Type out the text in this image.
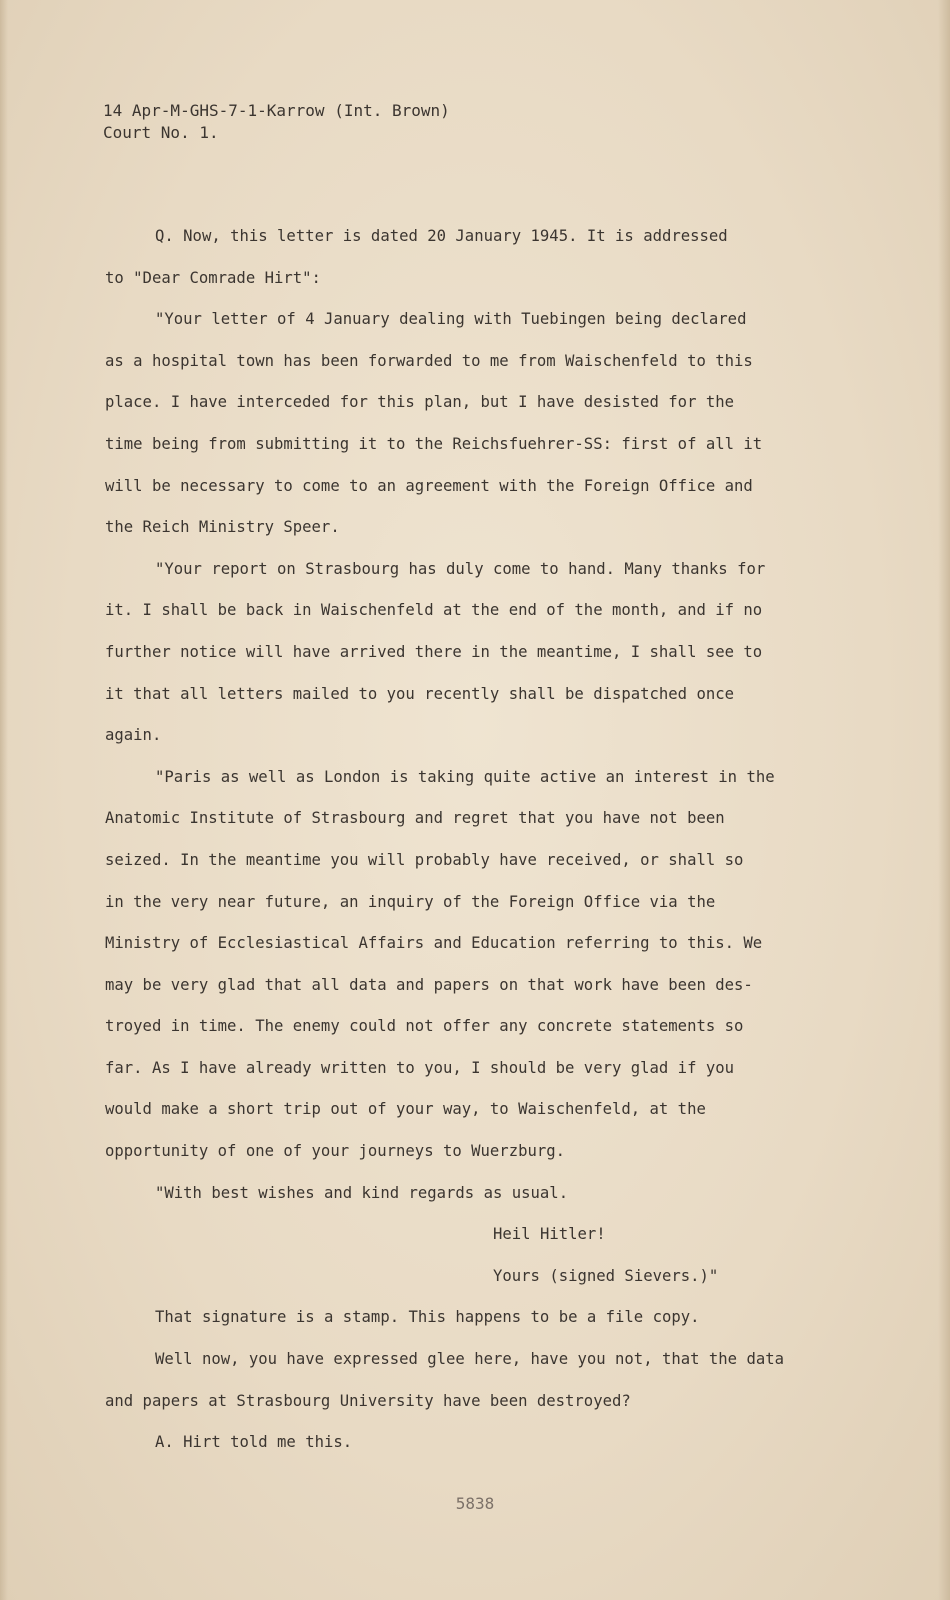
14 Apr-M-GHS-7-1-Karrow (Int. Brown)
Court No. 1.
Q. Now, this letter is dated 20 January 1945. It is addressed
to "Dear Comrade Hirt":
"Your letter of 4 January dealing with Tuebingen being declared
as a hospital town has been forwarded to me from Waischenfeld to this
place. I have interceded for this plan, but I have desisted for the
time being from submitting it to the Reichsfuehrer-SS: first of all it
will be necessary to come to an agreement with the Foreign Office and
the Reich Ministry Speer.
"Your report on Strasbourg has duly come to hand. Many thanks for
it. I shall be back in Waischenfeld at the end of the month, and if no
further notice will have arrived there in the meantime, I shall see to
it that all letters mailed to you recently shall be dispatched once
again.
"Paris as well as London is taking quite active an interest in the
Anatomic Institute of Strasbourg and regret that you have not been
seized. In the meantime you will probably have received, or shall so
in the very near future, an inquiry of the Foreign Office via the
Ministry of Ecclesiastical Affairs and Education referring to this. We
may be very glad that all data and papers on that work have been des-
troyed in time. The enemy could not offer any concrete statements so
far. As I have already written to you, I should be very glad if you
would make a short trip out of your way, to Waischenfeld, at the
opportunity of one of your journeys to Wuerzburg.
"With best wishes and kind regards as usual.
Heil Hitler!
Yours (signed Sievers.)"
That signature is a stamp. This happens to be a file copy.
Well now, you have expressed glee here, have you not, that the data
and papers at Strasbourg University have been destroyed?
A. Hirt told me this.
5838
